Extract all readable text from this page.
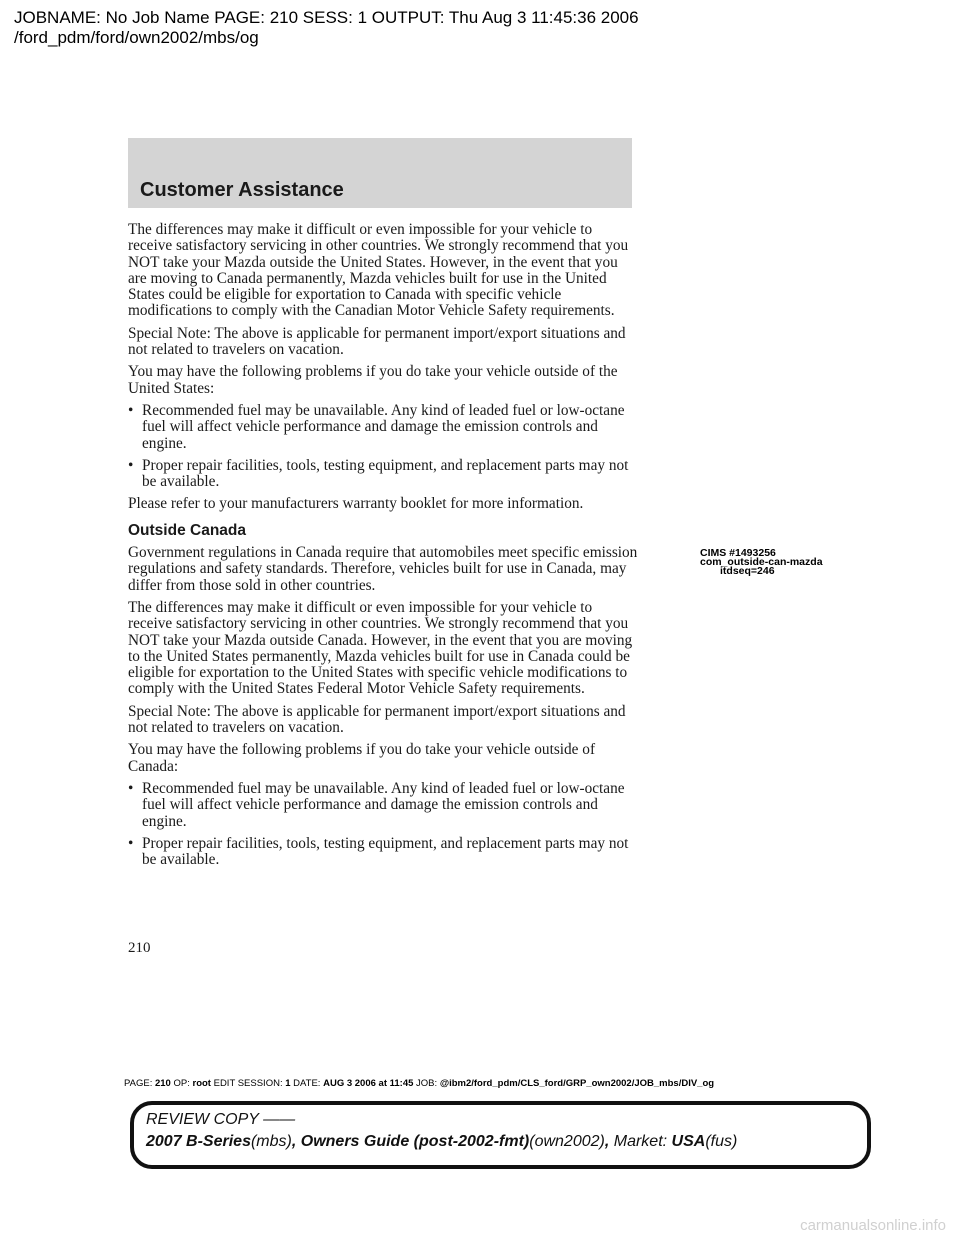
JOBNAME: No Job Name PAGE: 210 SESS: 1 OUTPUT: Thu Aug 3 11:45:36 2006
/ford_pdm/ford/own2002/mbs/og
Customer Assistance

The differences may make it difficult or even impossible for your vehicle to receive satisfactory servicing in other countries. We strongly recommend that you NOT take your Mazda outside the United States. However, in the event that you are moving to Canada permanently, Mazda vehicles built for use in the United States could be eligible for exportation to Canada with specific vehicle modifications to comply with the Canadian Motor Vehicle Safety requirements.

Special Note: The above is applicable for permanent import/export situations and not related to travelers on vacation.

You may have the following problems if you do take your vehicle outside of the United States:

• Recommended fuel may be unavailable. Any kind of leaded fuel or low-octane fuel will affect vehicle performance and damage the emission controls and engine.
• Proper repair facilities, tools, testing equipment, and replacement parts may not be available.

Please refer to your manufacturers warranty booklet for more information.

Outside Canada

Government regulations in Canada require that automobiles meet specific emission regulations and safety standards. Therefore, vehicles built for use in Canada, may differ from those sold in other countries.

The differences may make it difficult or even impossible for your vehicle to receive satisfactory servicing in other countries. We strongly recommend that you NOT take your Mazda outside Canada. However, in the event that you are moving to the United States permanently, Mazda vehicles built for use in Canada could be eligible for exportation to the United States with specific vehicle modifications to comply with the United States Federal Motor Vehicle Safety requirements.

Special Note: The above is applicable for permanent import/export situations and not related to travelers on vacation.

You may have the following problems if you do take your vehicle outside of Canada:

• Recommended fuel may be unavailable. Any kind of leaded fuel or low-octane fuel will affect vehicle performance and damage the emission controls and engine.
• Proper repair facilities, tools, testing equipment, and replacement parts may not be available.
CIMS #1493256
com_outside-can-mazda
itdseq=246
210
PAGE: 210 OP: root EDIT SESSION: 1 DATE: AUG 3 2006 at 11:45 JOB: @ibm2/ford_pdm/CLS_ford/GRP_own2002/JOB_mbs/DIV_og
REVIEW COPY ——
2007 B-Series(mbs), Owners Guide (post-2002-fmt)(own2002), Market: USA(fus)
carmanualsonline.info
